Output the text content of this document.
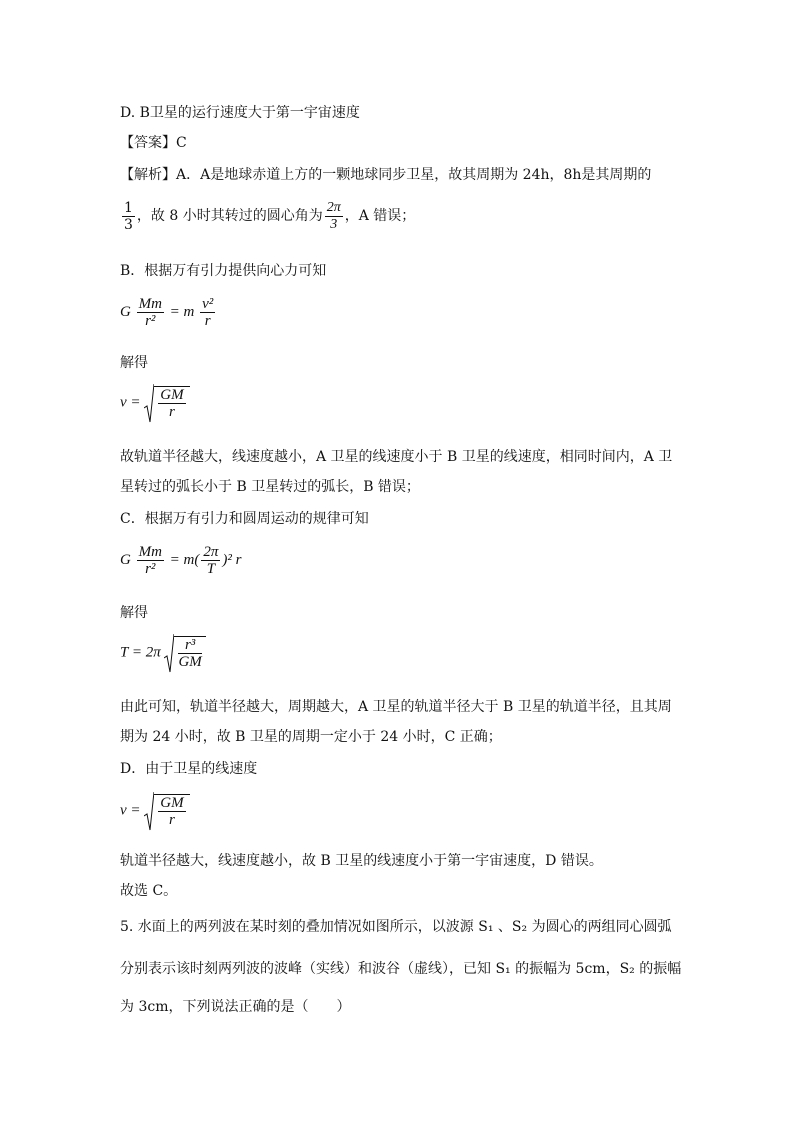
D. B卫星的运行速度大于第一宇宙速度
【答案】C
【解析】A．A是地球赤道上方的一颗地球同步卫星，故其周期为 24h，8h是其周期的
$\frac{1}{3}$ ，故 8 小时其转过的圆心角为 $\frac{2\pi}{3}$ ，A 错误；
B．根据万有引力提供向心力可知
G $\frac{Mm}{\text{r²}} = m \frac{\text{v²}}{r}$
解得
$v = \frac{GM}{r}$
故轨道半径越大，线速度越小，A 卫星的线速度小于 B 卫星的线速度，相同时间内，A 卫
星转过的弧长小于 B 卫星转过的弧长，B 错误；
C．根据万有引力和圆周运动的规律可知
G $\frac{Mm}{\text{r²}} = m( \frac{2\pi}{T} )^2$ r
解得
$T = 2\pi \frac{\text{r³}}{GM}$
由此可知，轨道半径越大，周期越大，A 卫星的轨道半径大于 B 卫星的轨道半径，且其周
期为 24 小时，故 B 卫星的周期一定小于 24 小时，C 正确；
D．由于卫星的线速度
$v = \frac{GM}{r}$
轨道半径越大，线速度越小，故 B 卫星的线速度小于第一宇宙速度，D 错误。
故选 C。
5. 水面上的两列波在某时刻的叠加情况如图所示，以波源 S₁ 、S₂ 为圆心的两组同心圆弧
分别表示该时刻两列波的波峰（实线）和波谷（虚线），已知 S₁ 的振幅为 5cm，S₂ 的振幅
为 3cm，下列说法正确的是（　　）
